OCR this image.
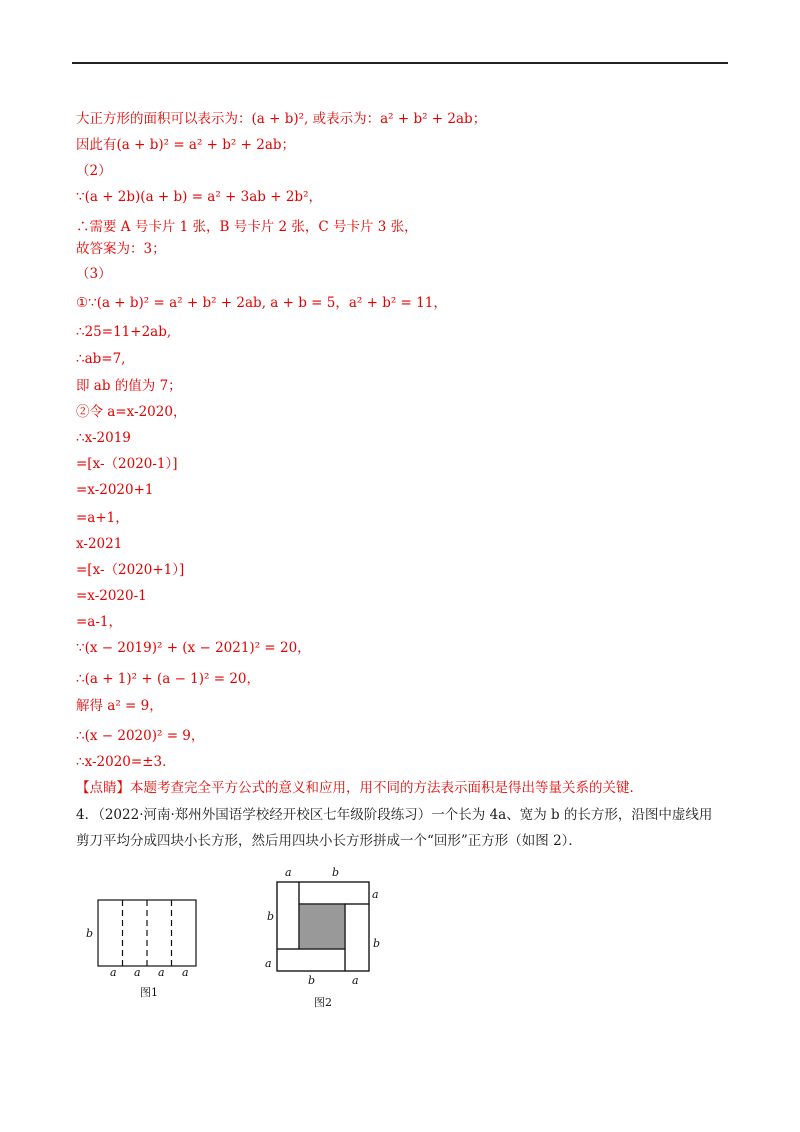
大正方形的面积可以表示为：(a + b)², 或表示为：a² + b² + 2ab；
因此有(a + b)² = a² + b² + 2ab；
（2）
∵(a + 2b)(a + b) = a² + 3ab + 2b²，
∴需要 A 号卡片 1 张，B 号卡片 2 张，C 号卡片 3 张，
故答案为：3；
（3）
①∵(a + b)² = a² + b² + 2ab, a + b = 5，a² + b² = 11，
∴25=11+2ab,
∴ab=7,
即 ab 的值为 7；
②令 a=x-2020，
∴x-2019
=[x-（2020-1）]
=x-2020+1
=a+1，
x-2021
=[x-（2020+1）]
=x-2020-1
=a-1，
∵(x − 2019)² + (x − 2021)² = 20，
∴(a + 1)² + (a − 1)² = 20，
解得 a² = 9，
∴(x − 2020)² = 9，
∴x-2020=±3．
【点睛】本题考查完全平方公式的意义和应用，用不同的方法表示面积是得出等量关系的关键．
4．（2022·河南·郑州外国语学校经开校区七年级阶段练习）一个长为 4a、宽为 b 的长方形，沿图中虚线用
剪刀平均分成四块小长方形，然后用四块小长方形拼成一个“回形”正方形（如图 2）．
b
a a a a
图1
a	b
a
b
b
a
b	a
图2
